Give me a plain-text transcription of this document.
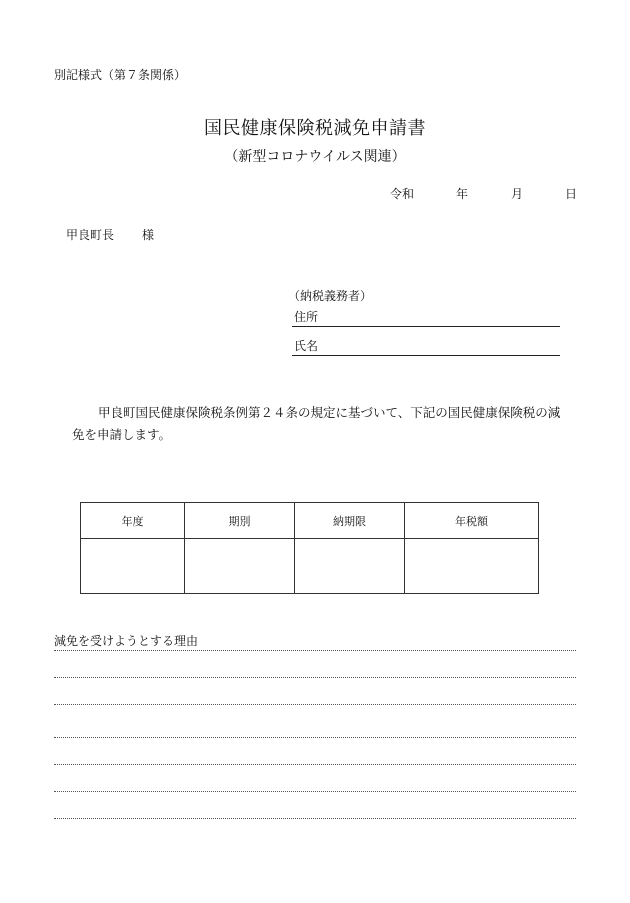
別記様式（第７条関係）
国民健康保険税減免申請書
（新型コロナウイルス関連）
令和	年	月	日
甲良町長 様
（納税義務者）
住所
氏名
甲良町国民健康保険税条例第２４条の規定に基づいて、下記の国民健康保険税の減免を申請します。
年度	期別	納期限	年税額

減免を受けようとする理由
